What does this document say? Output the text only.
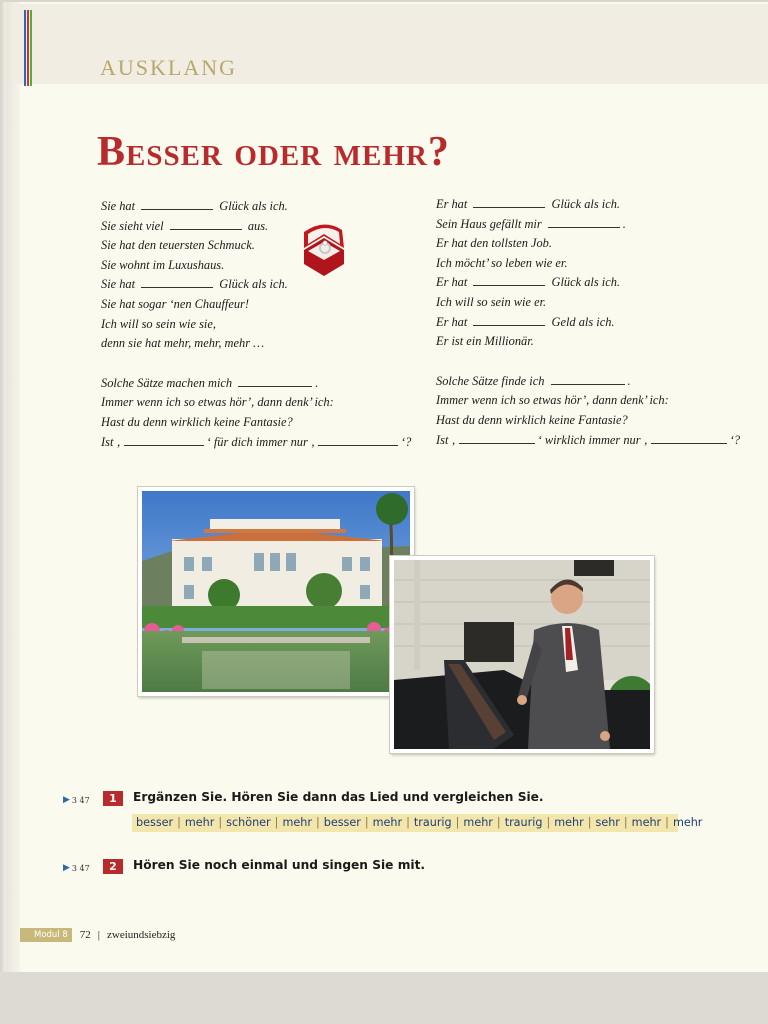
AUSKLANG
Besser oder mehr?
Sie hat	Glück als ich.
Sie sieht viel	aus.
Sie hat den teuersten Schmuck.
Sie wohnt im Luxushaus.
Sie hat	Glück als ich.
Sie hat sogar ‘nen Chauffeur!
Ich will so sein wie sie,
denn sie hat mehr, mehr, mehr …
Solche Sätze machen mich	.
Immer wenn ich so etwas hör’, dann denk’ ich:
Hast du denn wirklich keine Fantasie?
Ist ‚	‘ für dich immer nur ‚	‘?
Er hat	Glück als ich.
Sein Haus gefällt mir	.
Er hat den tollsten Job.
Ich möcht’ so leben wie er.
Er hat	Glück als ich.
Ich will so sein wie er.
Er hat	Geld als ich.
Er ist ein Millionär.
Solche Sätze finde ich	.
Immer wenn ich so etwas hör’, dann denk’ ich:
Hast du denn wirklich keine Fantasie?
Ist ‚	‘ wirklich immer nur ‚	‘?
▶ 3 47	1	Ergänzen Sie. Hören Sie dann das Lied und vergleichen Sie.
besser | mehr | schöner | mehr | besser | mehr | traurig | mehr | traurig | mehr | sehr | mehr | mehr
▶ 3 47	2	Hören Sie noch einmal und singen Sie mit.
Modul 8	72 | zweiundsiebzig
